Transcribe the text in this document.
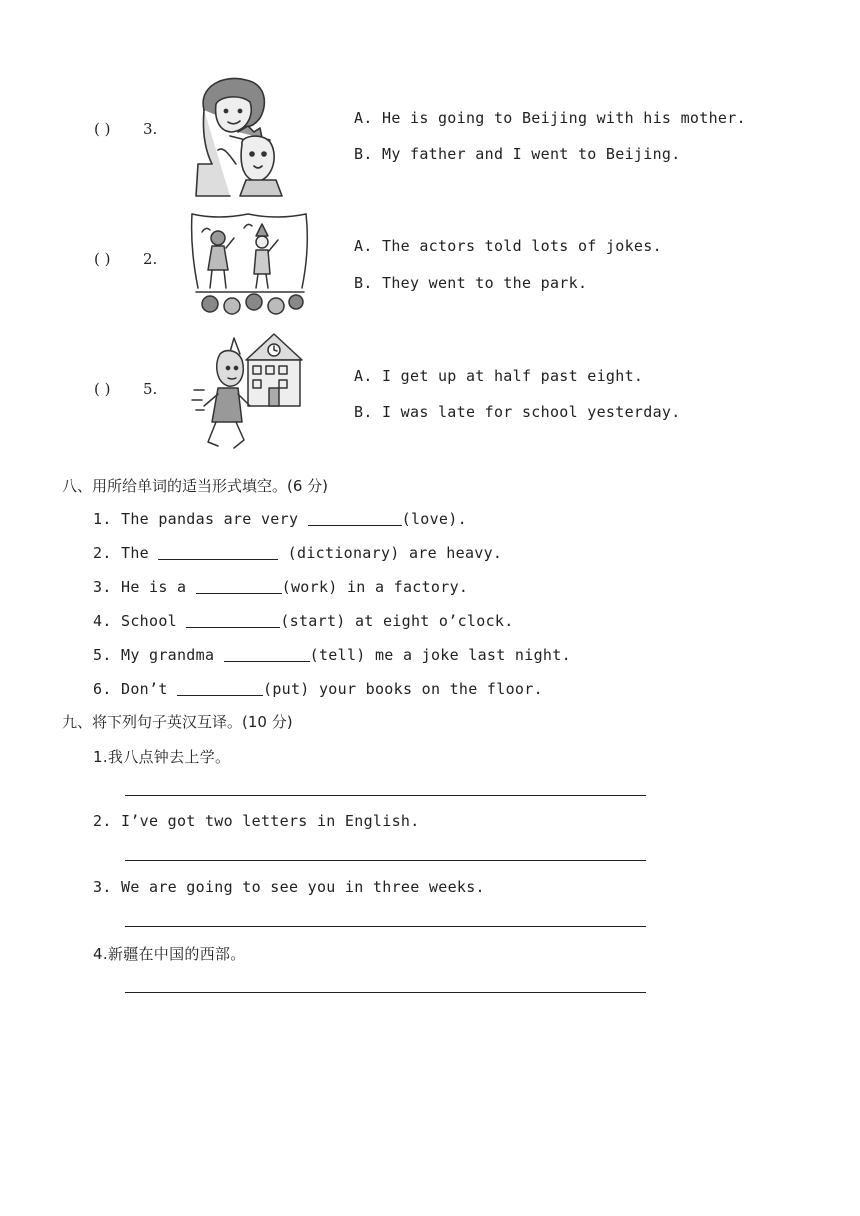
( ) 3.
A. He is going to Beijing with his mother.
B. My father and I went to Beijing.
( ) 2.
A. The actors told lots of jokes.
B. They went to the park.
( ) 5.
A. I get up at half past eight.
B. I was late for school yesterday.
八、用所给单词的适当形式填空。(6 分)
1. The pandas are very	(love).
2. The	(dictionary) are heavy.
3. He is a	(work) in a factory.
4. School	(start) at eight o’clock.
5. My grandma	(tell) me a joke last night.
6. Don’t	(put) your books on the floor.
九、将下列句子英汉互译。(10 分)
1.我八点钟去上学。
2. I’ve got two letters in English.
3. We are going to see you in three weeks.
4.新疆在中国的西部。
